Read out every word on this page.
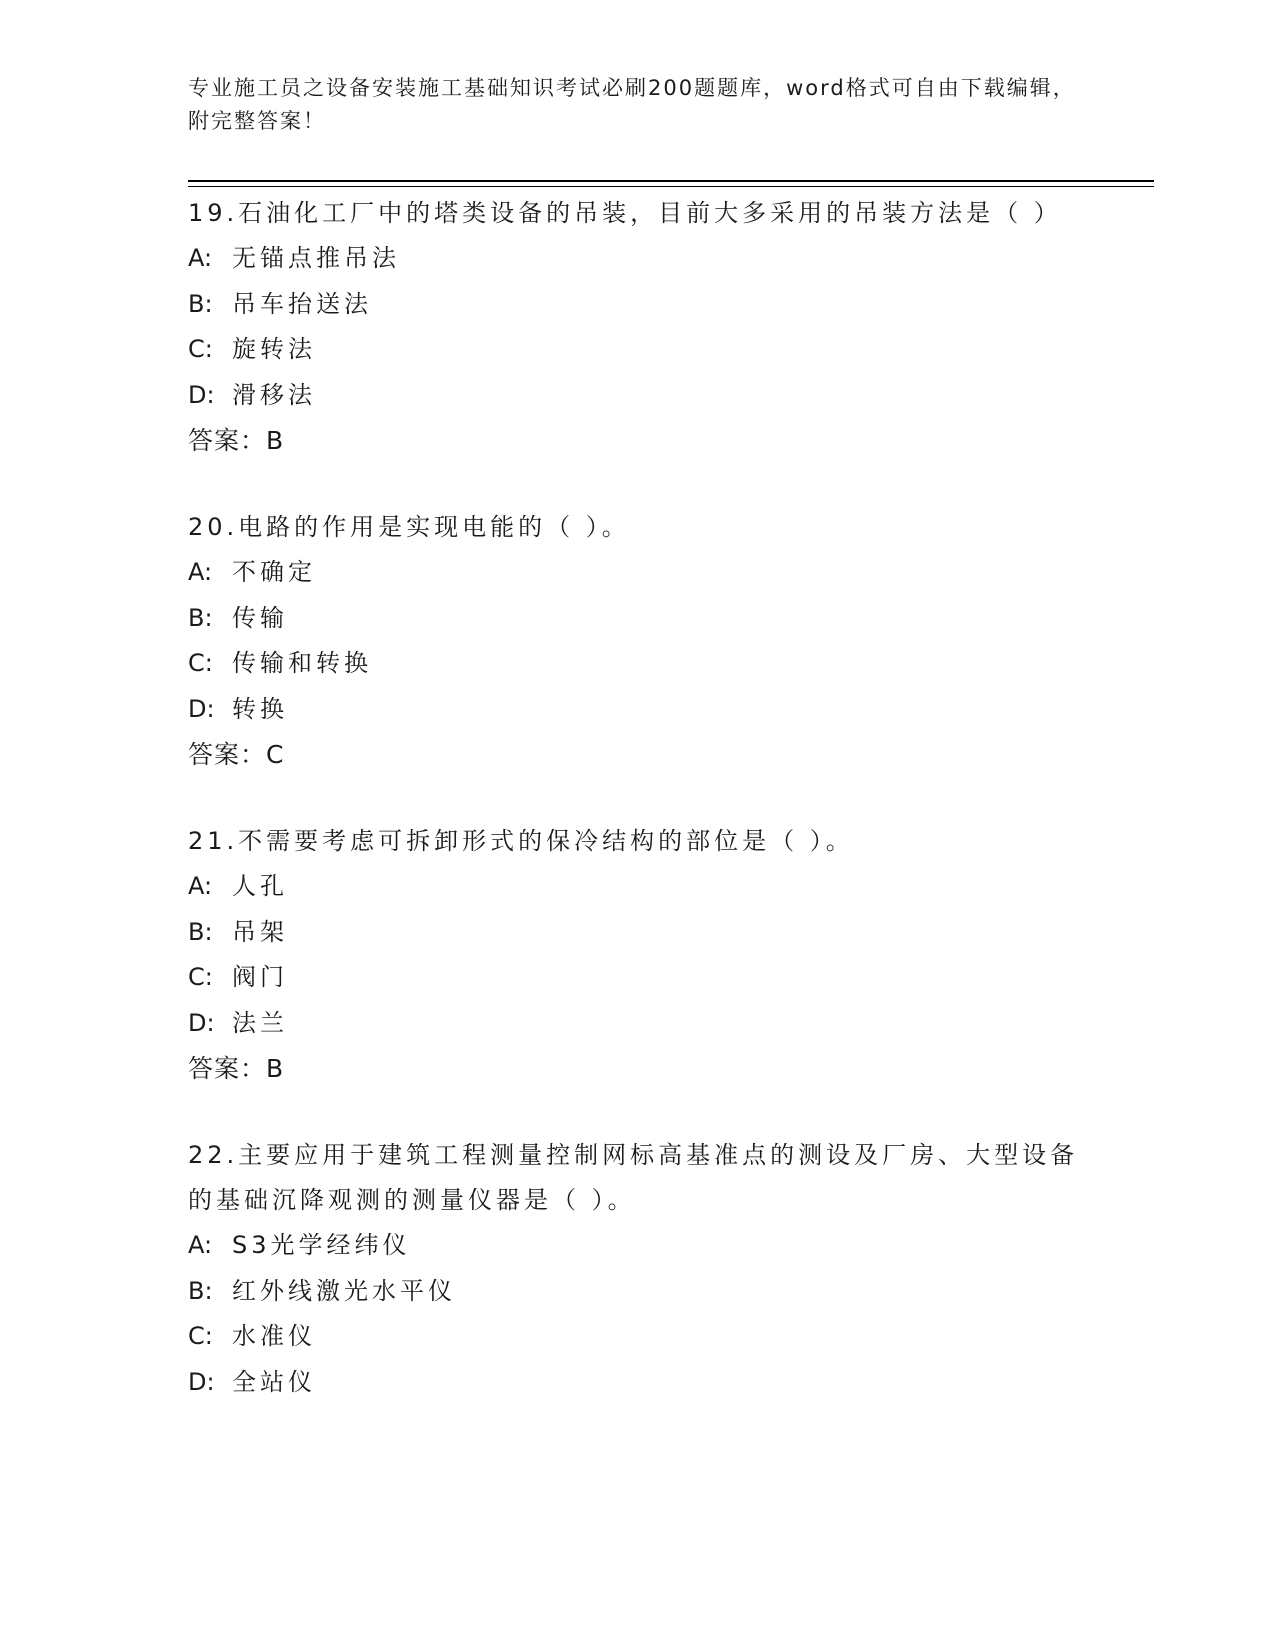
专业施工员之设备安装施工基础知识考试必刷200题题库，word格式可自由下载编辑，附完整答案！
19.石油化工厂中的塔类设备的吊装，目前大多采用的吊装方法是（ ）
A: 无锚点推吊法
B: 吊车抬送法
C: 旋转法
D: 滑移法
答案：B
20.电路的作用是实现电能的（ ）。
A: 不确定
B: 传输
C: 传输和转换
D: 转换
答案：C
21.不需要考虑可拆卸形式的保冷结构的部位是（ ）。
A: 人孔
B: 吊架
C: 阀门
D: 法兰
答案：B
22.主要应用于建筑工程测量控制网标高基准点的测设及厂房、大型设备的基础沉降观测的测量仪器是（ ）。
A: S3光学经纬仪
B: 红外线激光水平仪
C: 水准仪
D: 全站仪
